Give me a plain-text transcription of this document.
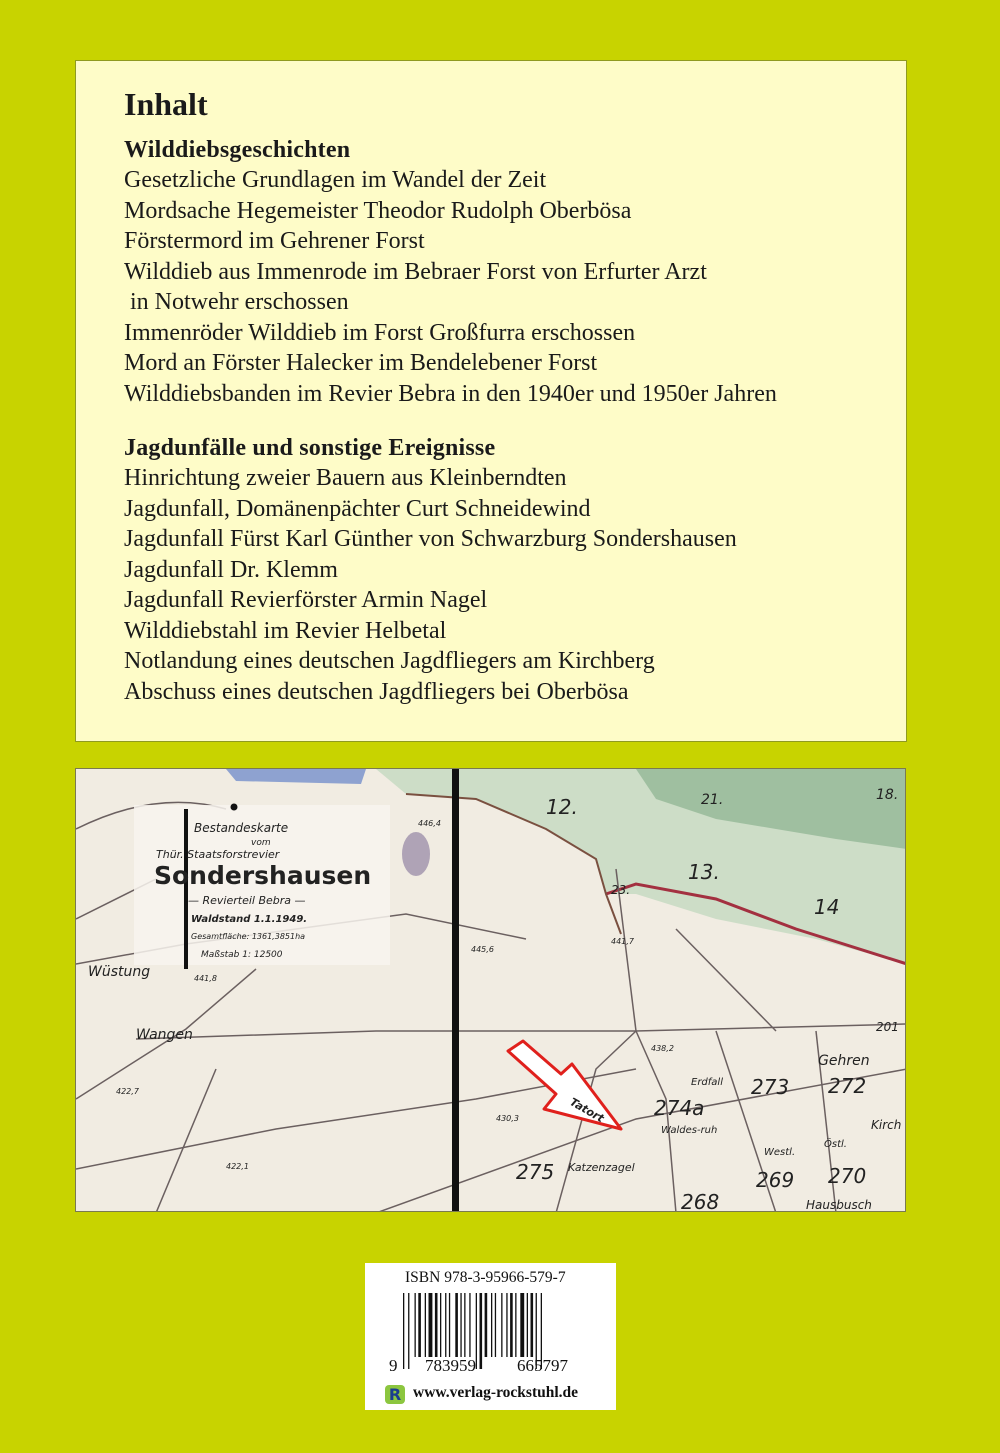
Inhalt
Wilddiebsgeschichten
Gesetzliche Grundlagen im Wandel der Zeit
Mordsache Hegemeister Theodor Rudolph Oberbösa
Förstermord im Gehrener Forst
Wilddieb aus Immenrode im Bebraer Forst von Erfurter Arzt
in Notwehr erschossen
Immenröder Wilddieb im Forst Großfurra erschossen
Mord an Förster Halecker im Bendelebener Forst
Wilddiebsbanden im Revier Bebra in den 1940er und 1950er Jahren
Jagdunfälle und sonstige Ereignisse
Hinrichtung zweier Bauern aus Kleinberndten
Jagdunfall, Domänenpächter Curt Schneidewind
Jagdunfall Fürst Karl Günther von Schwarzburg Sondershausen
Jagdunfall Dr. Klemm
Jagdunfall Revierförster Armin Nagel
Wilddiebstahl im Revier Helbetal
Notlandung eines deutschen Jagdfliegers am Kirchberg
Abschuss eines deutschen Jagdfliegers bei Oberbösa
Bestandeskarte
vom
Thür. Staatsforstrevier
Sondershausen
— Revierteil Bebra —
Waldstand 1.1.1949.
Gesamtfläche: 1361,3851ha
Maßstab 1: 12500
Wüstung
Wangen
Erdfall
Waldes-ruh
Katzenzagel
Gehren
Westl.
Östl.
Hausbusch
Kirch
12.	21.	18.
13.
14
23.
274a
273 272
275	269 270
268
201
441,8
422,7
422,1
430,3
438,2
441,7
445,6
446,4
Tatort
ISBN 978-3-95966-579-7
9 783959 665797
R www.verlag-rockstuhl.de
